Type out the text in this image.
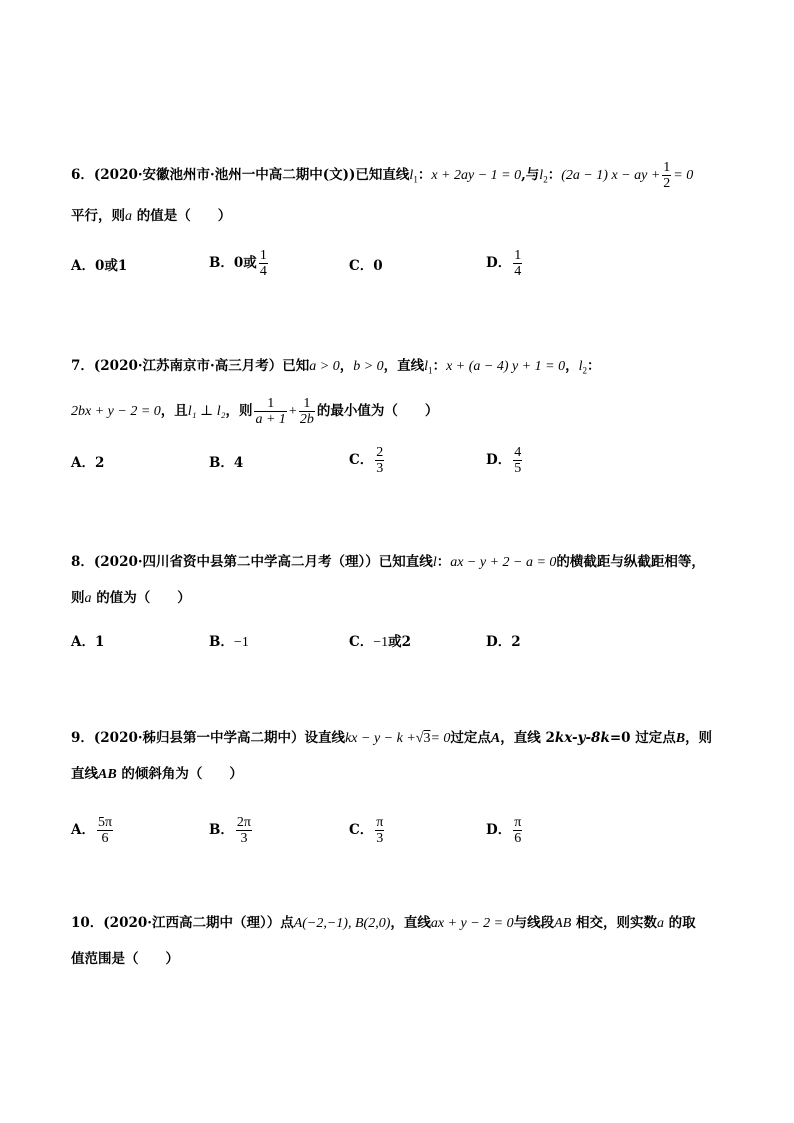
6．(2020·安徽池州市·池州一中高二期中(文))已知直线$l_1$：x + 2ay − 1 = 0,与$l_2$：(2a − 1) x − ay + $\frac{1}{2} = 0$
平行，则a 的值是（　　）
A．0或1	B．0或 $\frac{1}{4}$	C．0	D． $\frac{1}{4}$
7．(2020·江苏南京市·高三月考）已知a > 0，b > 0，直线$l_1$：x + (a − 4) y + 1 = 0，$l_2$：
2bx + y − 2 = 0，且l₁ ⊥ l₂，则 $\frac{1}{a + 1} + \frac{1}{2b}$ 的最小值为（　　）
A．2	B．4	C． $\frac{2}{3}$	D． $\frac{4}{5}$
8．(2020·四川省资中县第二中学高二月考（理））已知直线l：ax − y + 2 − a = 0的横截距与纵截距相等，
则a 的值为（　　）
A．1	B．−1	C．−1或2	D．2
9．(2020·秭归县第一中学高二期中）设直线kx − y − k +√3= 0过定点A，直线 2kx-y-8k=0 过定点B，则
直线AB 的倾斜角为（　　）
A． $\frac{5\pi}{6}$	B． $\frac{2\pi}{3}$	C． $\frac{\pi}{3}$	D． $\frac{\pi}{6}$
10．(2020·江西高二期中（理））点A(−2,−1), B(2,0)，直线ax + y − 2 = 0与线段AB 相交，则实数a 的取
值范围是（　　）
